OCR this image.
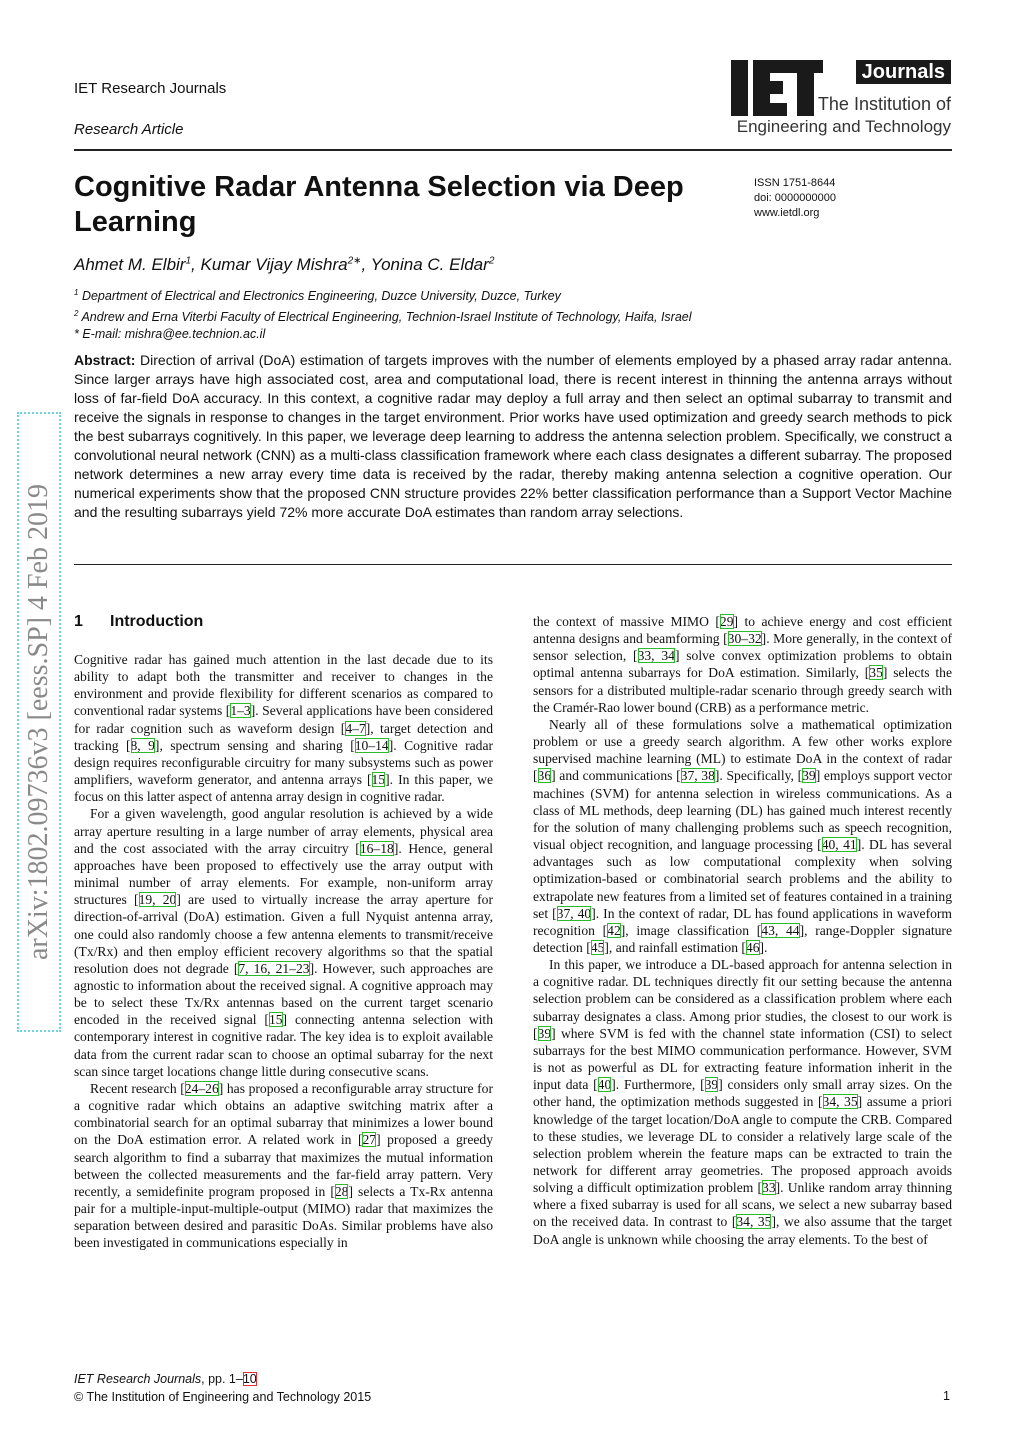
IET Research Journals
Research Article
Journals
The Institution of
Engineering and Technology
Cognitive Radar Antenna Selection via Deep Learning
ISSN 1751-8644
doi: 0000000000
www.ietdl.org
Ahmet M. Elbir$^1$, Kumar Vijay Mishra$^{2∗}$, Yonina C. Eldar$^2$
$^1$ Department of Electrical and Electronics Engineering, Duzce University, Duzce, Turkey
$^2$ Andrew and Erna Viterbi Faculty of Electrical Engineering, Technion-Israel Institute of Technology, Haifa, Israel
* E-mail: mishra@ee.technion.ac.il

Abstract: Direction of arrival (DoA) estimation of targets improves with the number of elements employed by a phased array radar antenna. Since larger arrays have high associated cost, area and computational load, there is recent interest in thinning the antenna arrays without loss of far-field DoA accuracy. In this context, a cognitive radar may deploy a full array and then select an optimal subarray to transmit and receive the signals in response to changes in the target environment. Prior works have used optimization and greedy search methods to pick the best subarrays cognitively. In this paper, we leverage deep learning to address the antenna selection problem. Specifically, we construct a convolutional neural network (CNN) as a multi-class classification framework where each class designates a different subarray. The proposed network determines a new array every time data is received by the radar, thereby making antenna selection a cognitive operation. Our numerical experiments show that the proposed CNN structure provides 22% better classification performance than a Support Vector Machine and the resulting subarrays yield 72% more accurate DoA estimates than random array selections.

arXiv:1802.09736v3 [eess.SP] 4 Feb 2019 1 Introduction

Cognitive radar has gained much attention in the last decade due to its ability to adapt both the transmitter and receiver to changes in the environment and provide flexibility for different scenarios as compared to conventional radar systems [1–3]. Several applications have been considered for radar cognition such as waveform design [4–7], target detection and tracking [8, 9], spectrum sensing and sharing [10–14]. Cognitive radar design requires reconfigurable circuitry for many subsystems such as power amplifiers, waveform generator, and antenna arrays [15]. In this paper, we focus on this latter aspect of antenna array design in cognitive radar.

For a given wavelength, good angular resolution is achieved by a wide array aperture resulting in a large number of array elements, physical area and the cost associated with the array circuitry [16–18]. Hence, general approaches have been proposed to effectively use the array output with minimal number of array elements. For example, non-uniform array structures [19, 20] are used to virtually increase the array aperture for direction-of-arrival (DoA) estimation. Given a full Nyquist antenna array, one could also randomly choose a few antenna elements to transmit/receive (Tx/Rx) and then employ efficient recovery algorithms so that the spatial resolution does not degrade [7, 16, 21–23]. However, such approaches are agnostic to information about the received signal. A cognitive approach may be to select these Tx/Rx antennas based on the current target scenario encoded in the received signal [15] connecting antenna selection with contemporary interest in cognitive radar. The key idea is to exploit available data from the current radar scan to choose an optimal subarray for the next scan since target locations change little during consecutive scans.

Recent research [24–26] has proposed a reconfigurable array structure for a cognitive radar which obtains an adaptive switching matrix after a combinatorial search for an optimal subarray that minimizes a lower bound on the DoA estimation error. A related work in [27] proposed a greedy search algorithm to find a subarray that maximizes the mutual information between the collected measurements and the far-field array pattern. Very recently, a semidefinite program proposed in [28] selects a Tx-Rx antenna pair for a multiple-input-multiple-output (MIMO) radar that maximizes the separation between desired and parasitic DoAs. Similar problems have also been investigated in communications especially in

the context of massive MIMO [29] to achieve energy and cost efficient antenna designs and beamforming [30–32]. More generally, in the context of sensor selection, [33, 34] solve convex optimization problems to obtain optimal antenna subarrays for DoA estimation. Similarly, [35] selects the sensors for a distributed multiple-radar scenario through greedy search with the Cramér-Rao lower bound (CRB) as a performance metric.

Nearly all of these formulations solve a mathematical optimization problem or use a greedy search algorithm. A few other works explore supervised machine learning (ML) to estimate DoA in the context of radar [36] and communications [37, 38]. Specifically, [39] employs support vector machines (SVM) for antenna selection in wireless communications. As a class of ML methods, deep learning (DL) has gained much interest recently for the solution of many challenging problems such as speech recognition, visual object recognition, and language processing [40, 41]. DL has several advantages such as low computational complexity when solving optimization-based or combinatorial search problems and the ability to extrapolate new features from a limited set of features contained in a training set [37, 40]. In the context of radar, DL has found applications in waveform recognition [42], image classification [43, 44], range-Doppler signature detection [45], and rainfall estimation [46].

In this paper, we introduce a DL-based approach for antenna selection in a cognitive radar. DL techniques directly fit our setting because the antenna selection problem can be considered as a classification problem where each subarray designates a class. Among prior studies, the closest to our work is [39] where SVM is fed with the channel state information (CSI) to select subarrays for the best MIMO communication performance. However, SVM is not as powerful as DL for extracting feature information inherit in the input data [40]. Furthermore, [39] considers only small array sizes. On the other hand, the optimization methods suggested in [34, 35] assume a priori knowledge of the target location/DoA angle to compute the CRB. Compared to these studies, we leverage DL to consider a relatively large scale of the selection problem wherein the feature maps can be extracted to train the network for different array geometries. The proposed approach avoids solving a difficult optimization problem [33]. Unlike random array thinning where a fixed subarray is used for all scans, we select a new subarray based on the received data. In contrast to [34, 35], we also assume that the target DoA angle is unknown while choosing the array elements. To the best of

IET Research Journals, pp. 1–10
© The Institution of Engineering and Technology 2015	1
